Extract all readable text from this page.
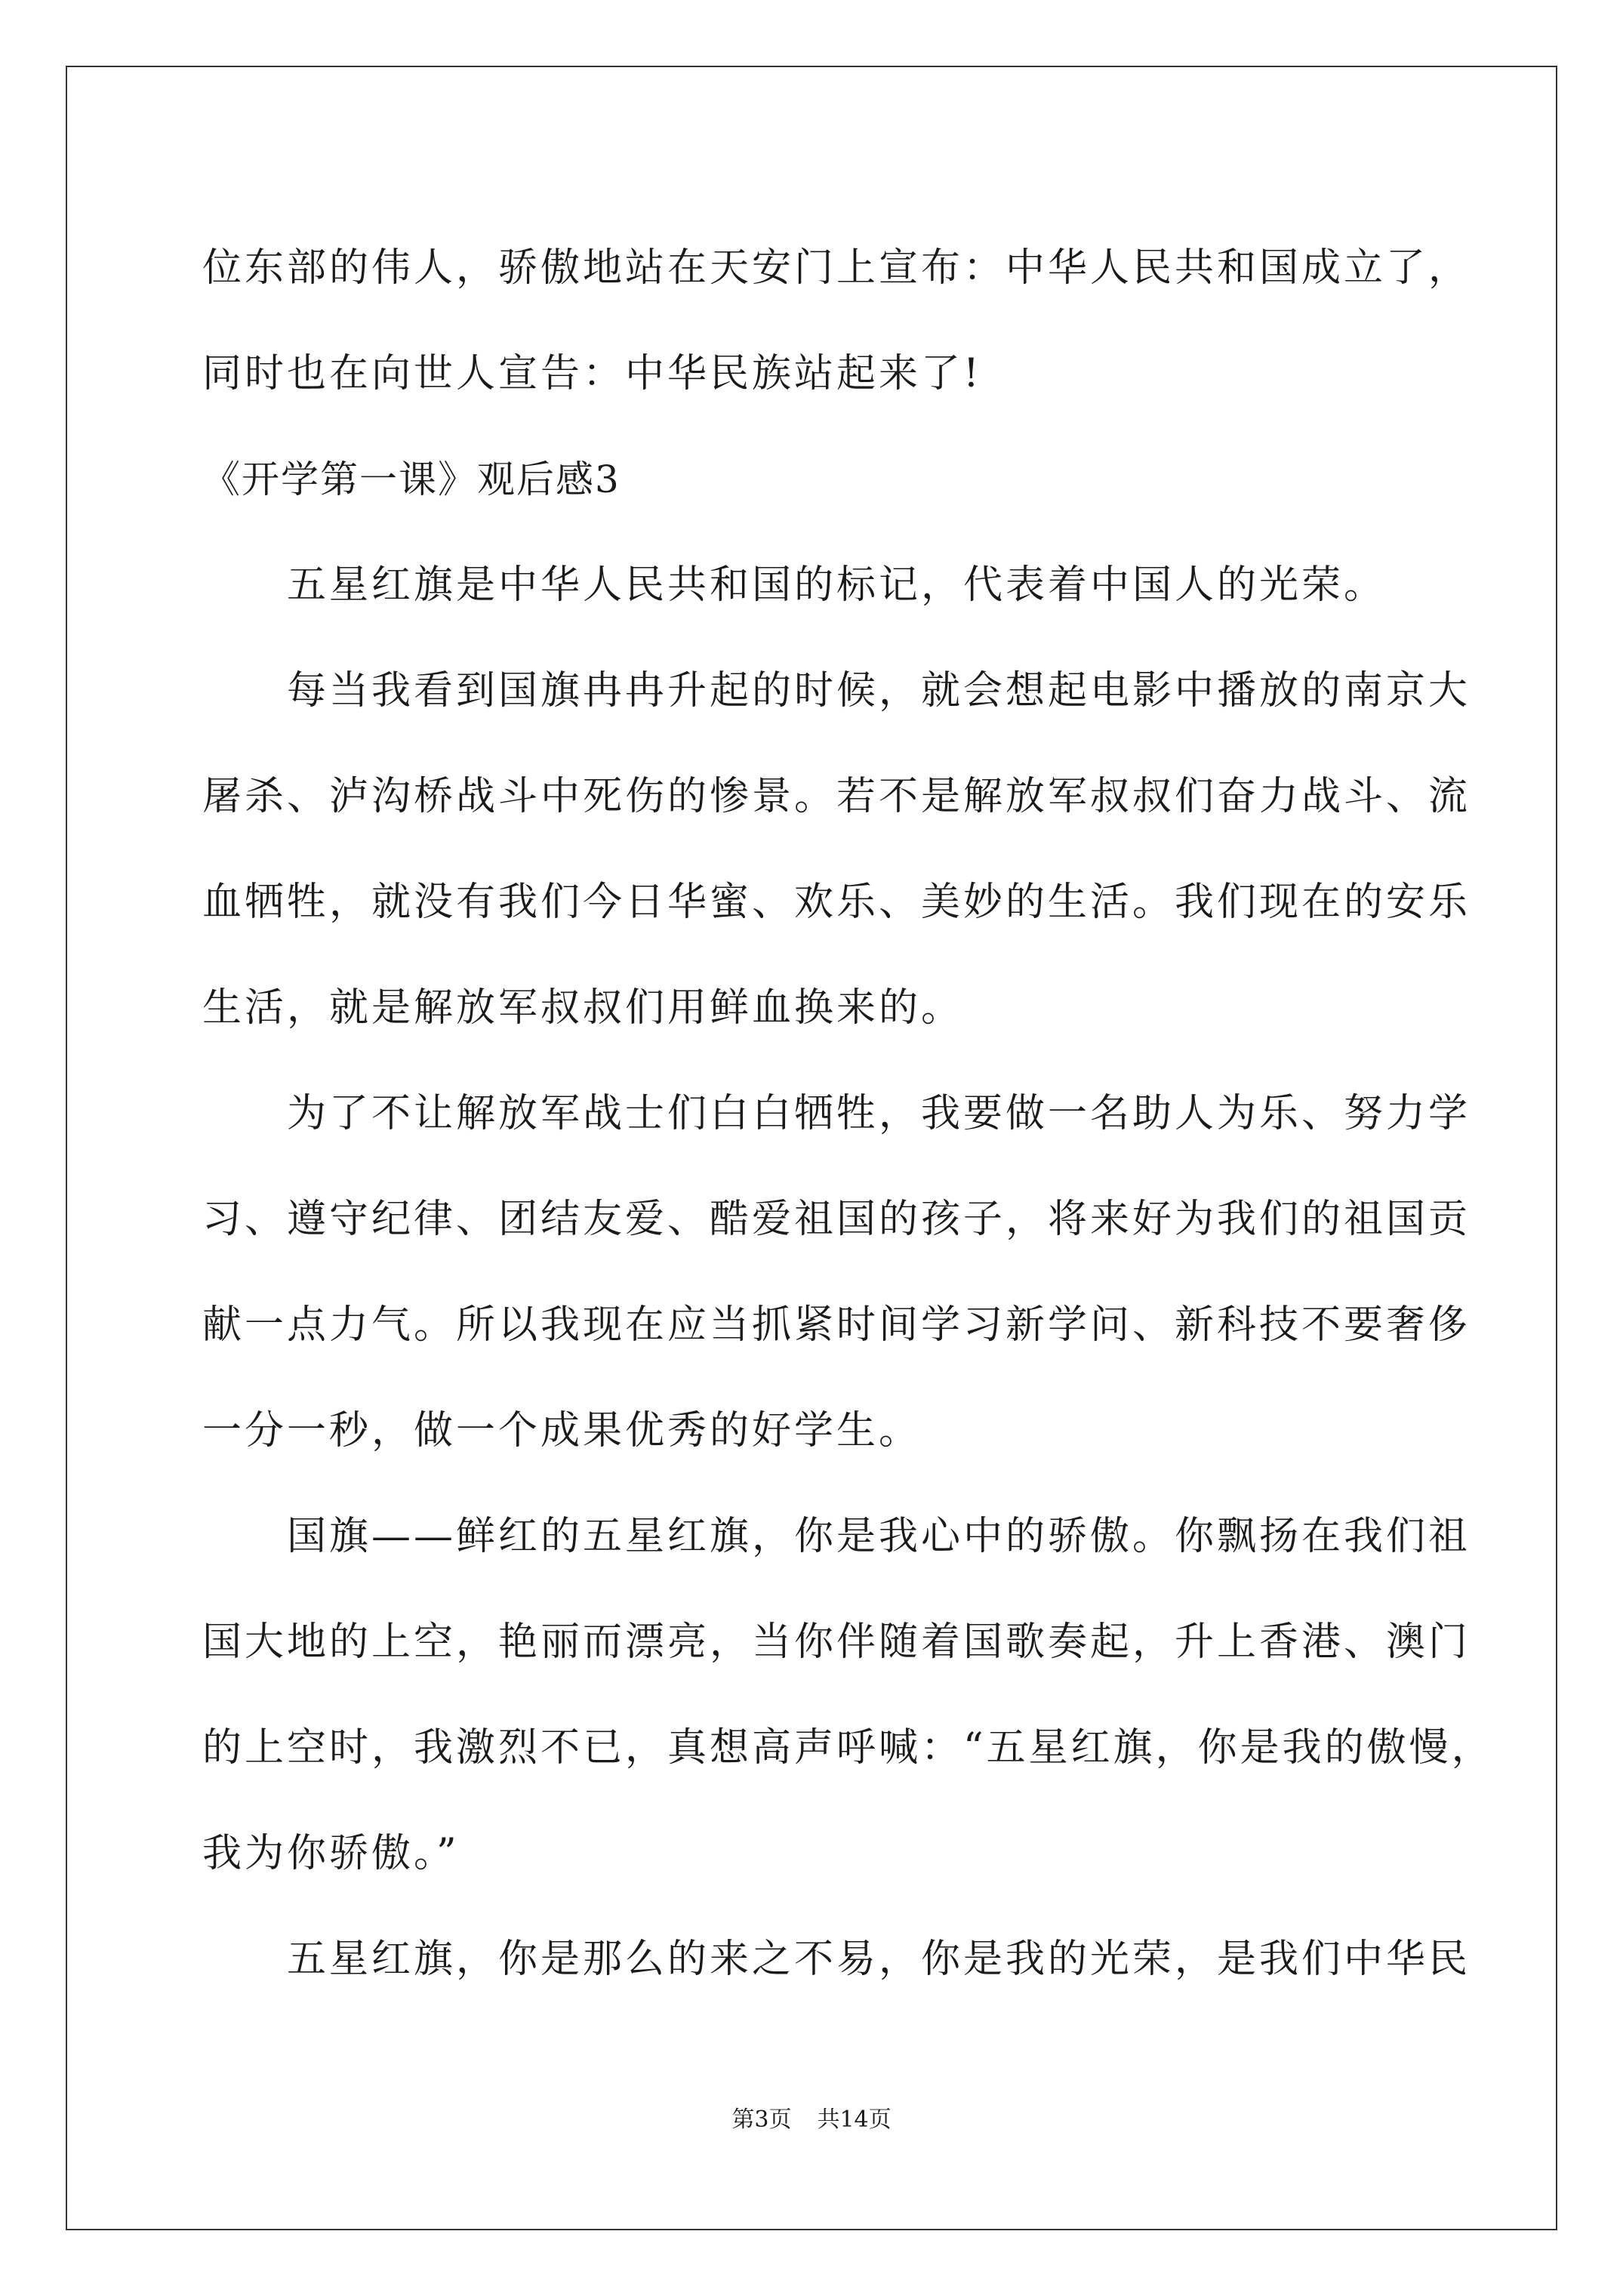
位东部的伟人，骄傲地站在天安门上宣布：中华人民共和国成立了，
同时也在向世人宣告：中华民族站起来了!
《开学第一课》观后感3
　　五星红旗是中华人民共和国的标记，代表着中国人的光荣。
　　每当我看到国旗冉冉升起的时候，就会想起电影中播放的南京大
屠杀、泸沟桥战斗中死伤的惨景。若不是解放军叔叔们奋力战斗、流
血牺牲，就没有我们今日华蜜、欢乐、美妙的生活。我们现在的安乐
生活，就是解放军叔叔们用鲜血换来的。
　　为了不让解放军战士们白白牺牲，我要做一名助人为乐、努力学
习、遵守纪律、团结友爱、酷爱祖国的孩子，将来好为我们的祖国贡
献一点力气。所以我现在应当抓紧时间学习新学问、新科技不要奢侈
一分一秒，做一个成果优秀的好学生。
　　国旗——鲜红的五星红旗，你是我心中的骄傲。你飘扬在我们祖
国大地的上空，艳丽而漂亮，当你伴随着国歌奏起，升上香港、澳门
的上空时，我激烈不已，真想高声呼喊：“五星红旗，你是我的傲慢，
我为你骄傲。”
　　五星红旗，你是那么的来之不易，你是我的光荣，是我们中华民
第3页 共14页
